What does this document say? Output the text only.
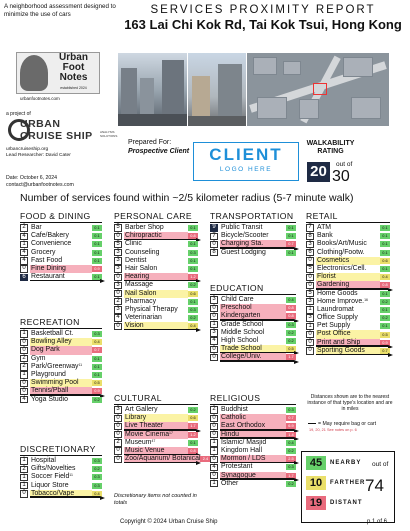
A neighborhood assessment designed to minimize the use of cars
Urban
Foot
Notes
established 2024
urbanfootnotes.com
a project of
URBAN
CRUISE SHIP ANALYSIS SOLUTIONS
urbancruiseship.org
Lead Researcher: David Cater
Date: October 6, 2024
contact@urbanfootnotes.com
SERVICES PROXIMITY REPORT
163 Lai Chi Kok Rd, Tai Kok Tsui, Hong Kong
Prepared For:
Prospective Client	CLIENT
LOGO HERE
WALKABILITY
RATING
20	out of
30
Number of services found within ~2/5 kilometer radius (5-7 minute walk)
FOOD & DINING
2 Bar	0.1
4 Cafe/Bakery	0.1
1 Convenience	0.1
4 Grocery	0.1
4 Fast Food	0.1
0 Fine Dining	0.9
6 Restaurant	0.1
RECREATION
1 Basketball Ct.	0.3
0 Bowling Alley	0.4
0 Dog Park	0.7
2 Gym	0.1
2 Park/Greenway$^{11}$	0.1
1 Playground	0.1
0 Swimming Pool	0.5
0 Tennis/Pball	0.9
4 Yoga Studio	0.2
DISCRETIONARY
1 Hospital	0.3
2 Gifts/Novelties	0.2
1 Soccer Field$^{11}$	0.3
1 Liquor Store	0.3
0 Tobacco/Vape	0.4
PERSONAL CARE
5 Barber Shop	0.1
0 Chiropractic	0.8
5 Clinic	0.1
3 Counseling	0.3
3 Dentist	0.1
3 Hair Salon	0.1
0 Hearing	1.2
3 Massage	0.2
0 Nail Salon	0.6
2 Pharmacy	0.1
3 Physical Therapy	0.3
4 Veterinarian	0.2
0 Vision	0.4
CULTURAL
3 Art Gallery	0.2
0 Library	0.6
0 Live Theater	1.7
0 Movie Cinema$^{17}$	1.2
2 Museum$^{47}$	0.1
0 Music Venue	0.8
0 Zoo/Aquarium/ Botanical 2.4
TRANSPORTATION
9 Public Transit	0.1
7 Bicycle/Scooter	0.1
0 Charging Sta.	0.7
8 Guest Lodging	0.1
EDUCATION
3 Child Care	0.4
0 Preschool	0.8
0 Kindergarten	0.8
1 Grade School	0.3
3 Middle School	0.2
4 High School	0.2
0 Trade School	0.5
0 College/Univ.	1.7
RELIGIOUS
2 Buddhist	0.3
0 Catholic	0.7
0 East Orthodox	6.9
0 Hindu	1.4
1 Islamic/ Masjid	0.4
1 Kingdom Hall	0.2
0 Mormon / LDS	2.5
4 Protestant	0.3
0 Synagogue	1.7
1 Other	0.2
RETAIL
7 ATM	0.1
8 Bank	0.1
3 Books/Art/Music	0.1
6 Clothing/Footw.	0.1
0 Cosmetics	0.6
5 Electronics/Cell.	0.1
0 Florist	0.4
0 Gardening	0.8
5 Home Goods	0.1
3 Home Improve.$^{16}$	0.2
1 Laundromat	0.1
3 Office Supply	0.2
1 Pet Supply	0.1
0 Post Office	0.5
0 Print and Ship	0.9
0 Sporting Goods	0.7
Distances shown are to the nearest instance of that type's location and are in miles
= May require bag or cart
19, 20, 21 See notes on p. 6
45	NEARBY
10	FARTHER
19	DISTANT
out of
74
Discretionary items not counted in totals
Copyright © 2024 Urban Cruise Ship	p.1 of 6
